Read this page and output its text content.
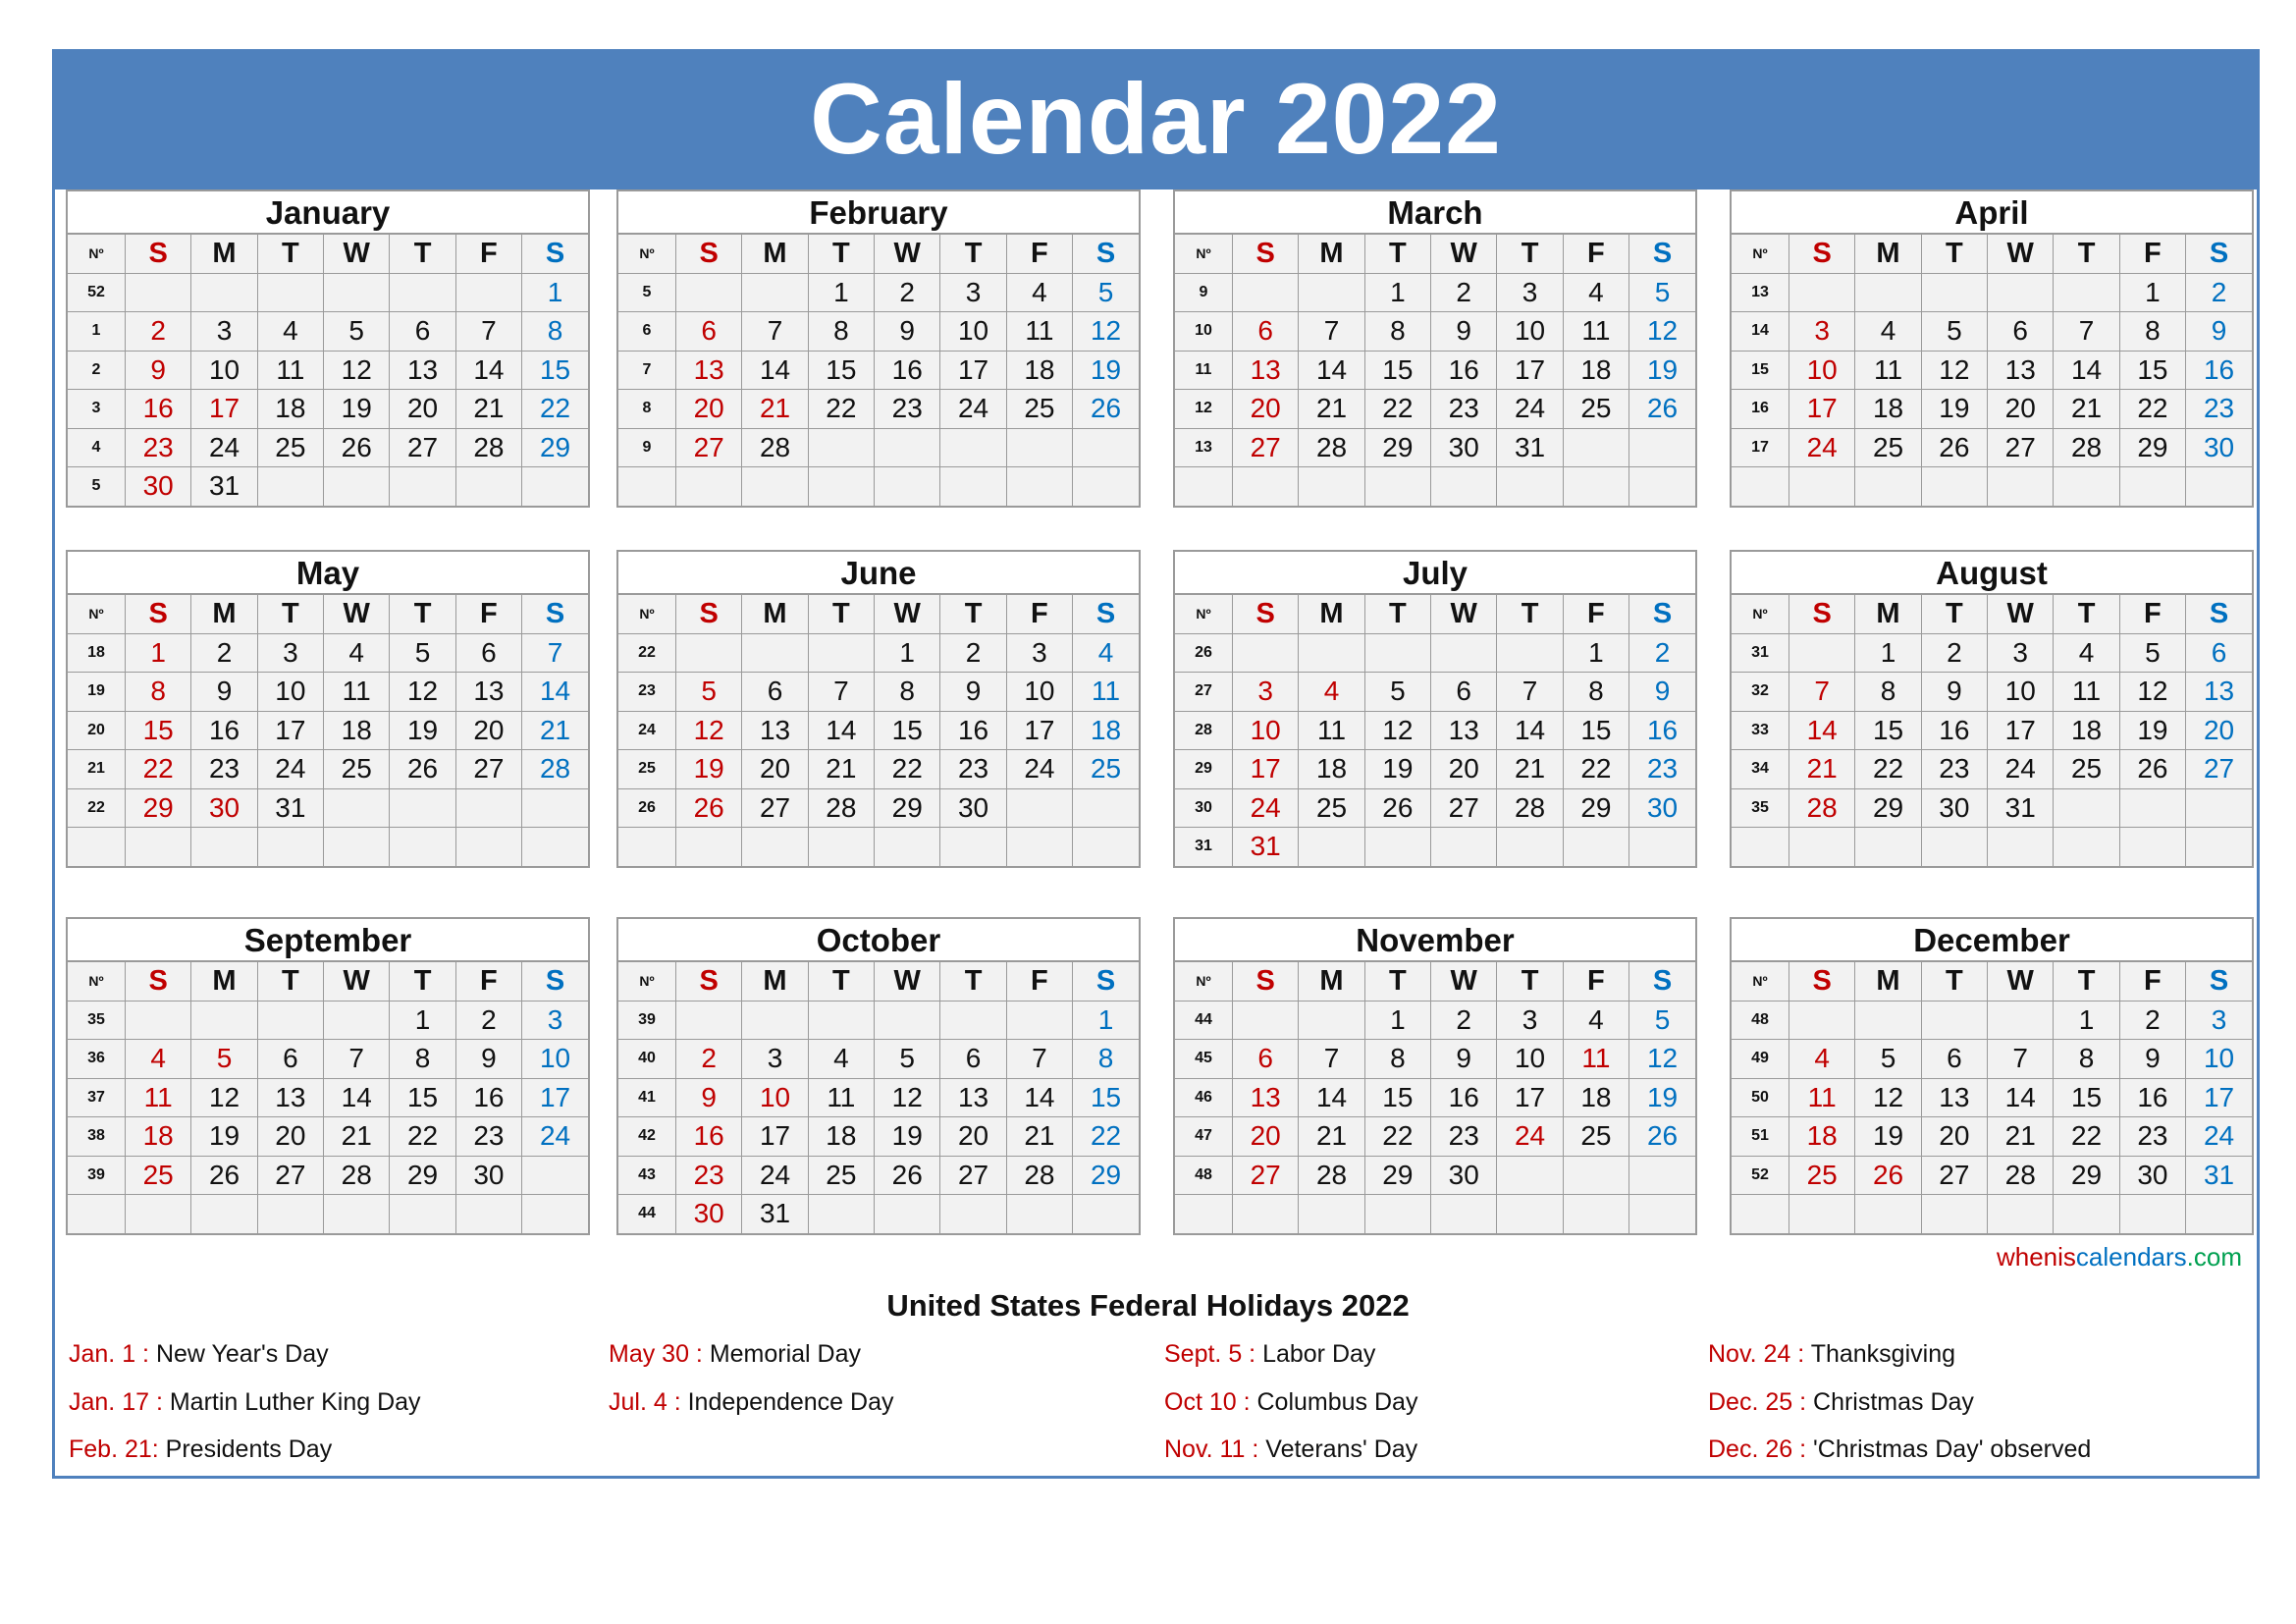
Calendar 2022
January
Nº	S	M	T	W	T	F	S
52							1
1	2	3	4	5	6	7	8
2	9	10	11	12	13	14	15
3	16	17	18	19	20	21	22
4	23	24	25	26	27	28	29
5	30	31					
February
Nº	S	M	T	W	T	F	S
5			1	2	3	4	5
6	6	7	8	9	10	11	12
7	13	14	15	16	17	18	19
8	20	21	22	23	24	25	26
9	27	28					

March
Nº	S	M	T	W	T	F	S
9			1	2	3	4	5
10	6	7	8	9	10	11	12
11	13	14	15	16	17	18	19
12	20	21	22	23	24	25	26
13	27	28	29	30	31		

April
Nº	S	M	T	W	T	F	S
13						1	2
14	3	4	5	6	7	8	9
15	10	11	12	13	14	15	16
16	17	18	19	20	21	22	23
17	24	25	26	27	28	29	30

May
Nº	S	M	T	W	T	F	S
18	1	2	3	4	5	6	7
19	8	9	10	11	12	13	14
20	15	16	17	18	19	20	21
21	22	23	24	25	26	27	28
22	29	30	31				

June
Nº	S	M	T	W	T	F	S
22				1	2	3	4
23	5	6	7	8	9	10	11
24	12	13	14	15	16	17	18
25	19	20	21	22	23	24	25
26	26	27	28	29	30		

July
Nº	S	M	T	W	T	F	S
26						1	2
27	3	4	5	6	7	8	9
28	10	11	12	13	14	15	16
29	17	18	19	20	21	22	23
30	24	25	26	27	28	29	30
31	31						
August
Nº	S	M	T	W	T	F	S
31		1	2	3	4	5	6
32	7	8	9	10	11	12	13
33	14	15	16	17	18	19	20
34	21	22	23	24	25	26	27
35	28	29	30	31			

September
Nº	S	M	T	W	T	F	S
35					1	2	3
36	4	5	6	7	8	9	10
37	11	12	13	14	15	16	17
38	18	19	20	21	22	23	24
39	25	26	27	28	29	30	

October
Nº	S	M	T	W	T	F	S
39							1
40	2	3	4	5	6	7	8
41	9	10	11	12	13	14	15
42	16	17	18	19	20	21	22
43	23	24	25	26	27	28	29
44	30	31					
November
Nº	S	M	T	W	T	F	S
44			1	2	3	4	5
45	6	7	8	9	10	11	12
46	13	14	15	16	17	18	19
47	20	21	22	23	24	25	26
48	27	28	29	30			

December
Nº	S	M	T	W	T	F	S
48					1	2	3
49	4	5	6	7	8	9	10
50	11	12	13	14	15	16	17
51	18	19	20	21	22	23	24
52	25	26	27	28	29	30	31

wheniscalendars.com
United States Federal Holidays 2022
Jan. 1 : New Year's Day
Jan. 17 : Martin Luther King Day
Feb. 21: Presidents Day
May 30 : Memorial Day
Jul. 4 : Independence Day
Sept. 5 : Labor Day
Oct 10 : Columbus Day
Nov. 11 : Veterans' Day
Nov. 24 : Thanksgiving
Dec. 25 : Christmas Day
Dec. 26 : 'Christmas Day' observed
